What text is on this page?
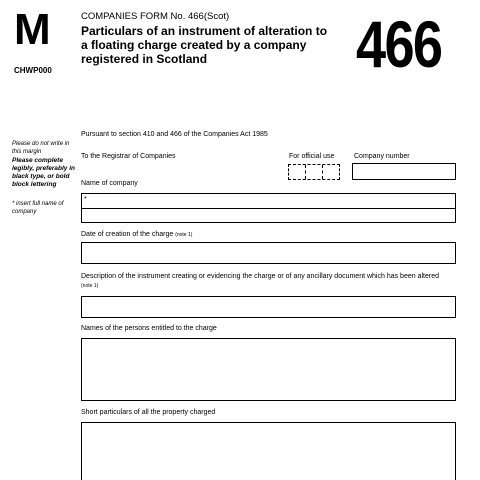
M
CHWP000
COMPANIES FORM No. 466(Scot)
Particulars of an instrument of alteration to a floating charge created by a company registered in Scotland	466
Please do not write in this margin
Please complete legibly, preferably in black type, or bold block lettering
* insert full name of company
Pursuant to section 410 and 466 of the Companies Act 1985
To the Registrar of Companies	For official use	Company number
Name of company
*
Date of creation of the charge (note 1)
Description of the instrument creating or evidencing the charge or of any ancillary document which has been altered (note 1)
Names of the persons entitled to the charge
Short particulars of all the property charged
